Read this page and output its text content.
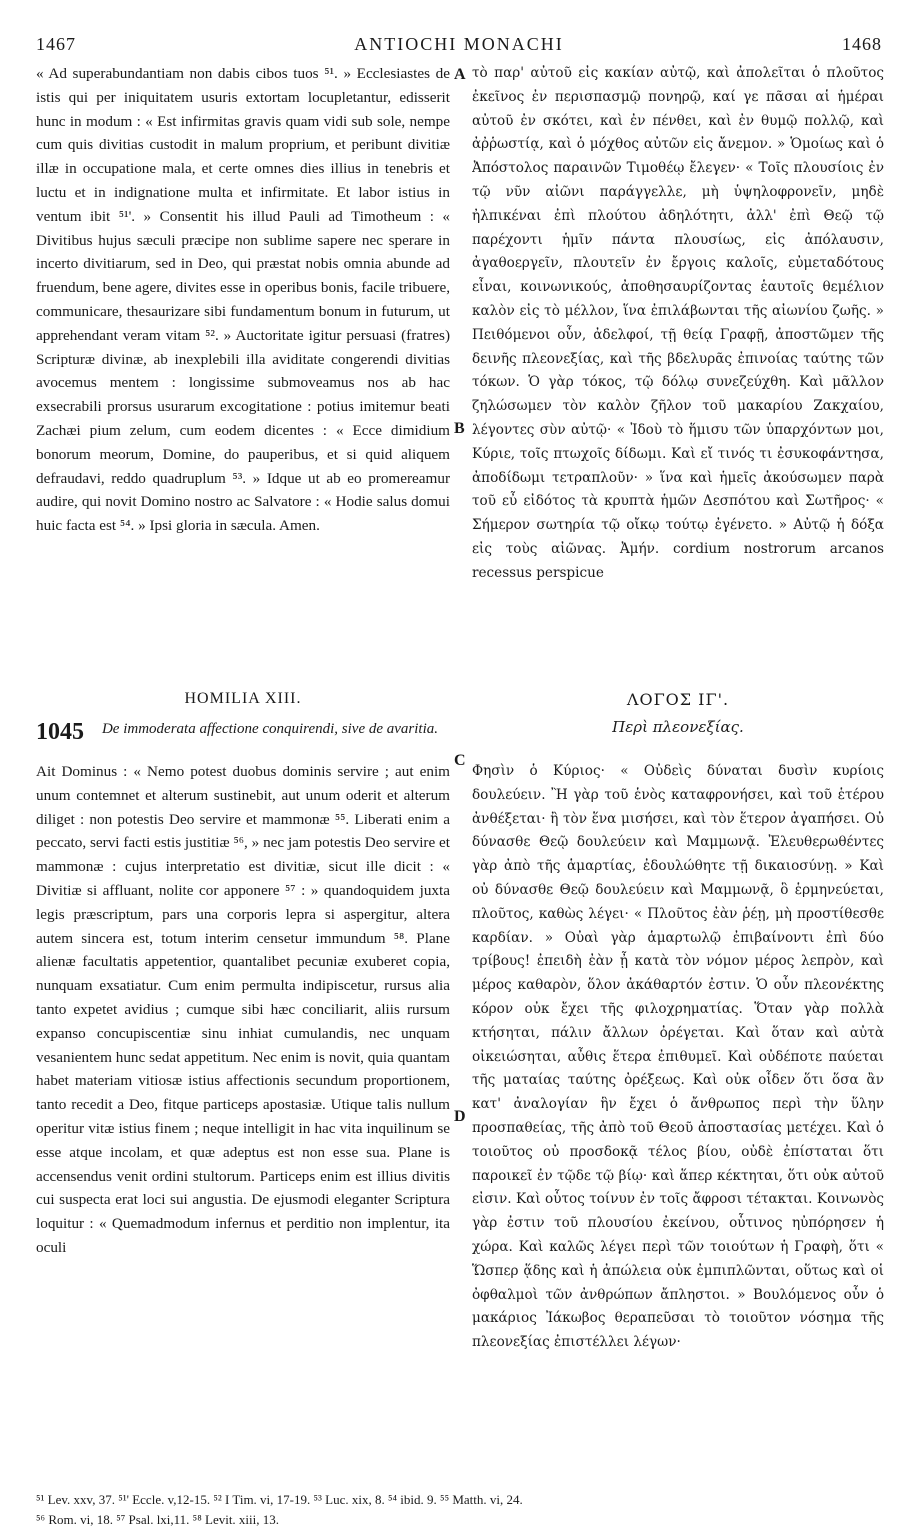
1467	ANTIOCHI MONACHI	1468
« Ad superabundantiam non dabis cibos tuos ⁵¹. » Ecclesiastes de istis qui per iniquitatem usuris extortam locupletantur, edisserit hunc in modum : « Est infirmitas gravis quam vidi sub sole, nempe cum quis divitias custodit in malum proprium, et peribunt divitiæ illæ in occupatione mala, et certe omnes dies illius in tenebris et luctu et in indignatione multa et infirmitate. Et labor istius in ventum ibit ⁵¹'. » Consentit his illud Pauli ad Timotheum : « Divitibus hujus sæculi præcipe non sublime sapere nec sperare in incerto divitiarum, sed in Deo, qui præstat nobis omnia abunde ad fruendum, bene agere, divites esse in operibus bonis, facile tribuere, communicare, thesaurizare sibi fundamentum bonum in futurum, ut apprehendant veram vitam ⁵². » Auctoritate igitur persuasi (fratres) Scripturæ divinæ, ab inexplebili illa aviditate congerendi divitias avocemus mentem : longissime submoveamus nos ab hac exsecrabili prorsus usurarum excogitatione : potius imitemur beati Zachæi pium zelum, cum eodem dicentes : « Ecce dimidium bonorum meorum, Domine, do pauperibus, et si quid aliquem defraudavi, reddo quadruplum ⁵³. » Idque ut ab eo promereamur audire, qui novit Domino nostro ac Salvatore : « Hodie salus domui huic facta est ⁵⁴. » Ipsi gloria in sæcula. Amen.
τὸ παρ' αὐτοῦ εἰς κακίαν αὐτῷ, καὶ ἀπολεῖται ὁ πλοῦτος ἐκεῖνος ἐν περισπασμῷ πονηρῷ, καί γε πᾶσαι αἱ ἡμέραι αὐτοῦ ἐν σκότει, καὶ ἐν πένθει, καὶ ἐν θυμῷ πολλῷ, καὶ ἀῤῥωστίᾳ, καὶ ὁ μόχθος αὐτῶν εἰς ἄνεμον. » Ὁμοίως καὶ ὁ Ἀπόστολος παραινῶν Τιμοθέῳ ἔλεγεν· « Τοῖς πλουσίοις ἐν τῷ νῦν αἰῶνι παράγγελλε, μὴ ὑψηλοφρονεῖν, μηδὲ ἠλπικέναι ἐπὶ πλούτου ἀδηλότητι, ἀλλ' ἐπὶ Θεῷ τῷ παρέχοντι ἡμῖν πάντα πλουσίως, εἰς ἀπόλαυσιν, ἀγαθοεργεῖν, πλουτεῖν ἐν ἔργοις καλοῖς, εὐμεταδότους εἶναι, κοινωνικούς, ἀποθησαυρίζοντας ἑαυτοῖς θεμέλιον καλὸν εἰς τὸ μέλλον, ἵνα ἐπιλάβωνται τῆς αἰωνίου ζωῆς. » Πειθόμενοι οὖν, ἀδελφοί, τῇ θείᾳ Γραφῇ, ἀποστῶμεν τῆς δεινῆς πλεονεξίας, καὶ τῆς βδελυρᾶς ἐπινοίας ταύτης τῶν τόκων. Ὁ γὰρ τόκος, τῷ δόλῳ συνεζεύχθη. Καὶ μᾶλλον ζηλώσωμεν τὸν καλὸν ζῆλον τοῦ μακαρίου Ζακχαίου, λέγοντες σὺν αὐτῷ· « Ἰδοὺ τὸ ἥμισυ τῶν ὑπαρχόντων μοι, Κύριε, τοῖς πτωχοῖς δίδωμι. Καὶ εἴ τινός τι ἐσυκοφάντησα, ἀποδίδωμι τετραπλοῦν· » ἵνα καὶ ἡμεῖς ἀκούσωμεν παρὰ τοῦ εὖ εἰδότος τὰ κρυπτὰ ἡμῶν Δεσπότου καὶ Σωτῆρος· « Σήμερον σωτηρία τῷ οἴκῳ τούτῳ ἐγένετο. » Αὐτῷ ἡ δόξα εἰς τοὺς αἰῶνας. Ἀμήν. cordium nostrorum arcanos recessus perspicue
A
B
C
D
HOMILIA XIII.	ΛΟΓΟΣ ΙΓ'.
1045 De immoderata affectione conquirendi, sive de avaritia.	Περὶ πλεονεξίας.
Ait Dominus : « Nemo potest duobus dominis servire ; aut enim unum contemnet et alterum sustinebit, aut unum oderit et alterum diliget : non potestis Deo servire et mammonæ ⁵⁵. Liberati enim a peccato, servi facti estis justitiæ ⁵⁶, » nec jam potestis Deo servire et mammonæ : cujus interpretatio est divitiæ, sicut ille dicit : « Divitiæ si affluant, nolite cor apponere ⁵⁷ : » quandoquidem juxta legis præscriptum, pars una corporis lepra si aspergitur, altera autem sincera est, totum interim censetur immundum ⁵⁸. Plane alienæ facultatis appetentior, quantalibet pecuniæ exuberet copia, nunquam exsatiatur. Cum enim permulta indipiscetur, rursus alia tanto expetet avidius ; cumque sibi hæc conciliarit, aliis rursum expanso concupiscentiæ sinu inhiat cumulandis, nec unquam vesanientem hunc sedat appetitum. Nec enim is novit, quia quantam habet materiam vitiosæ istius affectionis secundum proportionem, tanto recedit a Deo, fitque particeps apostasiæ. Utique talis nullum operitur vitæ istius finem ; neque intelligit in hac vita inquilinum se esse atque incolam, et quæ adeptus est non esse sua. Plane is accensendus venit ordini stultorum. Particeps enim est illius divitis cui suspecta erat loci sui angustia. De ejusmodi eleganter Scriptura loquitur : « Quemadmodum infernus et perditio non implentur, ita oculi
Φησὶν ὁ Κύριος· « Οὐδεὶς δύναται δυσὶν κυρίοις δουλεύειν. Ἢ γὰρ τοῦ ἑνὸς καταφρονήσει, καὶ τοῦ ἑτέρου ἀνθέξεται· ἢ τὸν ἕνα μισήσει, καὶ τὸν ἕτερον ἀγαπήσει. Οὐ δύνασθε Θεῷ δουλεύειν καὶ Μαμμωνᾷ. Ἐλευθερωθέντες γὰρ ἀπὸ τῆς ἁμαρτίας, ἐδουλώθητε τῇ δικαιοσύνῃ. » Καὶ οὐ δύνασθε Θεῷ δουλεύειν καὶ Μαμμωνᾷ, ὃ ἑρμηνεύεται, πλοῦτος, καθὼς λέγει· « Πλοῦτος ἐὰν ῥέῃ, μὴ προστίθεσθε καρδίαν. » Οὐαὶ γὰρ ἁμαρτωλῷ ἐπιβαίνοντι ἐπὶ δύο τρίβους! ἐπειδὴ ἐὰν ᾖ κατὰ τὸν νόμον μέρος λεπρὸν, καὶ μέρος καθαρὸν, ὅλον ἀκάθαρτόν ἐστιν. Ὁ οὖν πλεονέκτης κόρον οὐκ ἔχει τῆς φιλοχρηματίας. Ὅταν γὰρ πολλὰ κτήσηται, πάλιν ἄλλων ὀρέγεται. Καὶ ὅταν καὶ αὐτὰ οἰκειώσηται, αὖθις ἕτερα ἐπιθυμεῖ. Καὶ οὐδέποτε παύεται τῆς ματαίας ταύτης ὀρέξεως. Καὶ οὐκ οἶδεν ὅτι ὅσα ἂν κατ' ἀναλογίαν ἣν ἔχει ὁ ἄνθρωπος περὶ τὴν ὕλην προσπαθείας, τῆς ἀπὸ τοῦ Θεοῦ ἀποστασίας μετέχει. Καὶ ὁ τοιοῦτος οὐ προσδοκᾷ τέλος βίου, οὐδὲ ἐπίσταται ὅτι παροικεῖ ἐν τῷδε τῷ βίῳ· καὶ ἅπερ κέκτηται, ὅτι οὐκ αὐτοῦ εἰσιν. Καὶ οὗτος τοίνυν ἐν τοῖς ἄφροσι τέτακται. Κοινωνὸς γὰρ ἐστιν τοῦ πλουσίου ἐκείνου, οὗτινος ηὐπόρησεν ἡ χώρα. Καὶ καλῶς λέγει περὶ τῶν τοιούτων ἡ Γραφὴ, ὅτι « Ὥσπερ ᾅδης καὶ ἡ ἀπώλεια οὐκ ἐμπιπλῶνται, οὕτως καὶ οἱ ὀφθαλμοὶ τῶν ἀνθρώπων ἄπληστοι. » Βουλόμενος οὖν ὁ μακάριος Ἰάκωβος θεραπεῦσαι τὸ τοιοῦτον νόσημα τῆς πλεονεξίας ἐπιστέλλει λέγων·
⁵¹ Lev. xxv, 37. ⁵¹' Eccle. v,12-15. ⁵² I Tim. vi, 17-19. ⁵³ Luc. xix, 8. ⁵⁴ ibid. 9. ⁵⁵ Matth. vi, 24.
⁵⁶ Rom. vi, 18. ⁵⁷ Psal. lxi,11. ⁵⁸ Levit. xiii, 13.
